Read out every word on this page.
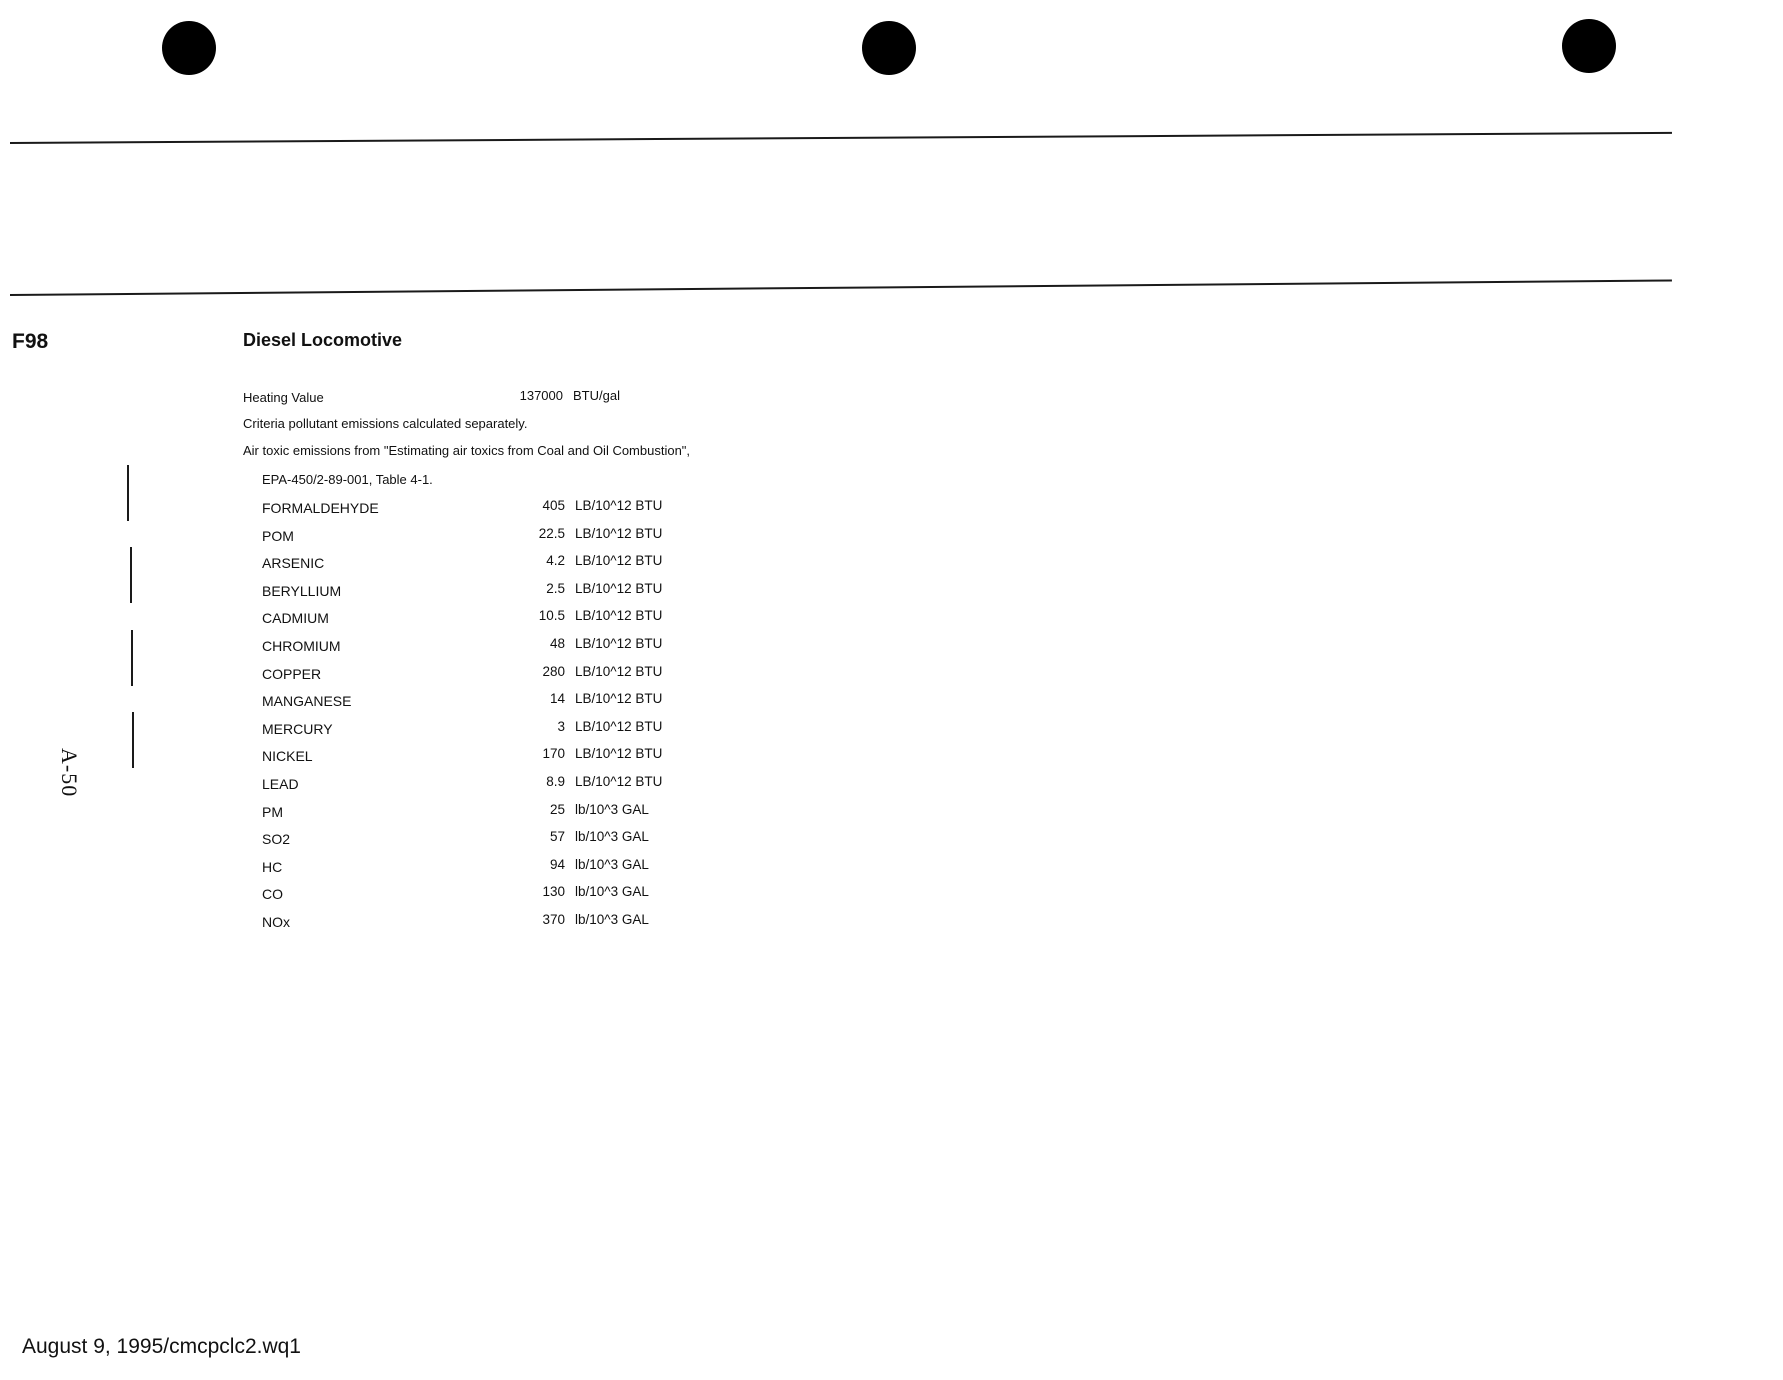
F98	Diesel Locomotive
Heating Value	137000 BTU/gal
Criteria pollutant emissions calculated separately.
Air toxic emissions from "Estimating air toxics from Coal and Oil Combustion",
EPA-450/2-89-001, Table 4-1.
FORMALDEHYDE	405 LB/10^12 BTU
POM	22.5 LB/10^12 BTU
ARSENIC	4.2 LB/10^12 BTU
BERYLLIUM	2.5 LB/10^12 BTU
CADMIUM	10.5 LB/10^12 BTU
CHROMIUM	48 LB/10^12 BTU
COPPER	280 LB/10^12 BTU
MANGANESE	14 LB/10^12 BTU
MERCURY	3 LB/10^12 BTU
NICKEL	170 LB/10^12 BTU
LEAD	8.9 LB/10^12 BTU
PM	25 lb/10^3 GAL
SO2	57 lb/10^3 GAL
HC	94 lb/10^3 GAL
CO	130 lb/10^3 GAL
NOx	370 lb/10^3 GAL
A-50
August 9, 1995/cmcpclc2.wq1
